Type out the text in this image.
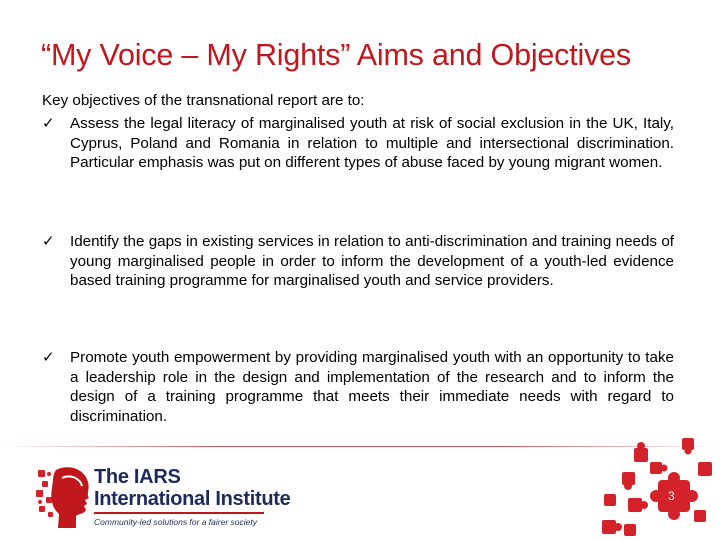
“My Voice – My Rights” Aims and Objectives
Key objectives of the transnational report are to:
✓	Assess the legal literacy of marginalised youth at risk of social exclusion in the UK, Italy, Cyprus, Poland and Romania in relation to multiple and intersectional discrimination. Particular emphasis was put on different types of abuse faced by young migrant women.
✓	Identify the gaps in existing services in relation to anti-discrimination and training needs of young marginalised people in order to inform the development of a youth-led evidence based training programme for marginalised youth and service providers.
✓	Promote youth empowerment by providing marginalised youth with an opportunity to take a leadership role in the design and implementation of the research and to inform the design of a training programme that meets their immediate needs with regard to discrimination.
The IARS
International Institute
Community-led solutions for a fairer society
3
